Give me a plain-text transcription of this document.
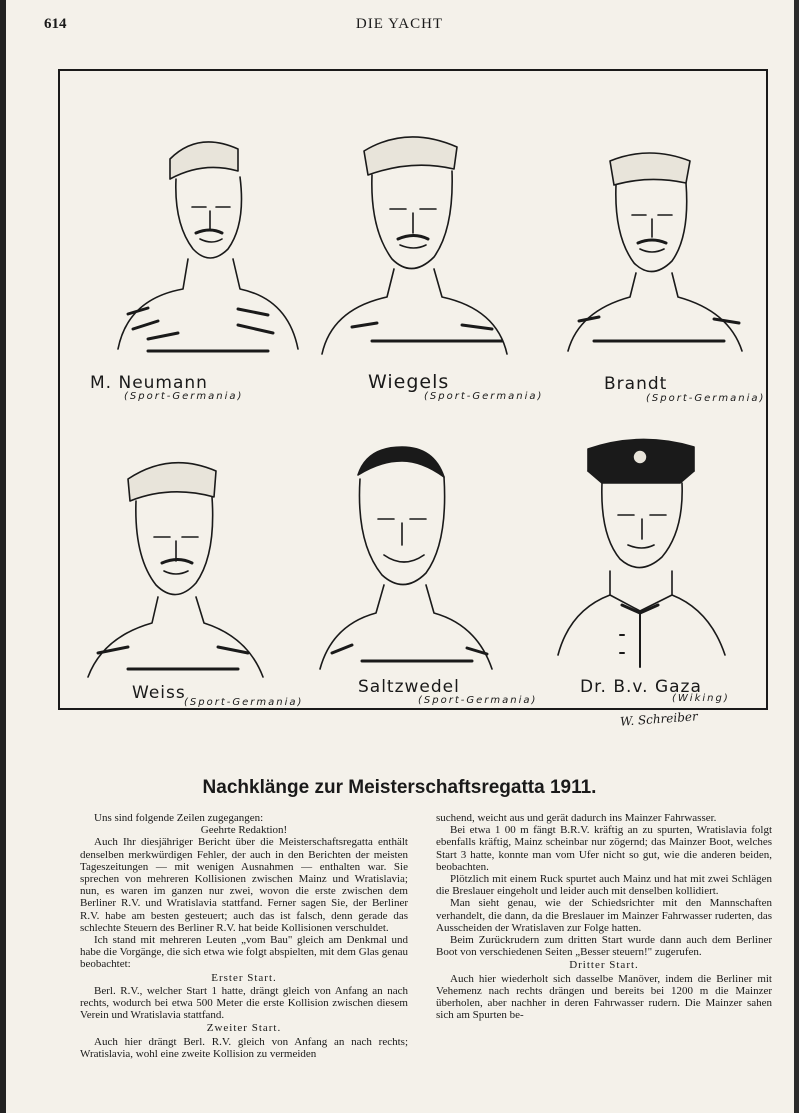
614	DIE YACHT
M. Neumann
(Sport-Germania)
Wiegels
(Sport-Germania)
Brandt
(Sport-Germania)
Weiss
(Sport-Germania)
Saltzwedel
(Sport-Germania)
Dr. B.v. Gaza
(Wiking)
W. Schreiber
Nachklänge zur Meisterschaftsregatta 1911.

Uns sind folgende Zeilen zugegangen:

Geehrte Redaktion!

Auch Ihr diesjähriger Bericht über die Meisterschaftsregatta enthält denselben merkwürdigen Fehler, der auch in den Berichten der meisten Tageszeitungen — mit wenigen Ausnahmen — enthalten war. Sie sprechen von mehreren Kollisionen zwischen Mainz und Wratislavia; nun, es waren im ganzen nur zwei, wovon die erste zwischen dem Berliner R.V. und Wratislavia stattfand. Ferner sagen Sie, der Berliner R.V. habe am besten gesteuert; auch das ist falsch, denn gerade das schlechte Steuern des Berliner R.V. hat beide Kollisionen verschuldet.

Ich stand mit mehreren Leuten „vom Bau" gleich am Denkmal und habe die Vorgänge, die sich etwa wie folgt abspielten, mit dem Glas genau beobachtet:

Erster Start.

Berl. R.V., welcher Start 1 hatte, drängt gleich von Anfang an nach rechts, wodurch bei etwa 500 Meter die erste Kollision zwischen diesem Verein und Wratislavia stattfand.

Zweiter Start.

Auch hier drängt Berl. R.V. gleich von Anfang an nach rechts; Wratislavia, wohl eine zweite Kollision zu vermeiden

suchend, weicht aus und gerät dadurch ins Mainzer Fahrwasser.

Bei etwa 1 00 m fängt B.R.V. kräftig an zu spurten, Wratislavia folgt ebenfalls kräftig, Mainz scheinbar nur zögernd; das Mainzer Boot, welches Start 3 hatte, konnte man vom Ufer nicht so gut, wie die anderen beiden, beobachten.

Plötzlich mit einem Ruck spurtet auch Mainz und hat mit zwei Schlägen die Breslauer eingeholt und leider auch mit denselben kollidiert.

Man sieht genau, wie der Schiedsrichter mit den Mannschaften verhandelt, die dann, da die Breslauer im Mainzer Fahrwasser ruderten, das Ausscheiden der Wratislaven zur Folge hatten.

Beim Zurückrudern zum dritten Start wurde dann auch dem Berliner Boot von verschiedenen Seiten „Besser steuern!" zugerufen.

Dritter Start.

Auch hier wiederholt sich dasselbe Manöver, indem die Berliner mit Vehemenz nach rechts drängen und bereits bei 1200 m die Mainzer überholen, aber nachher in deren Fahrwasser rudern. Die Mainzer sahen sich am Spurten be-
